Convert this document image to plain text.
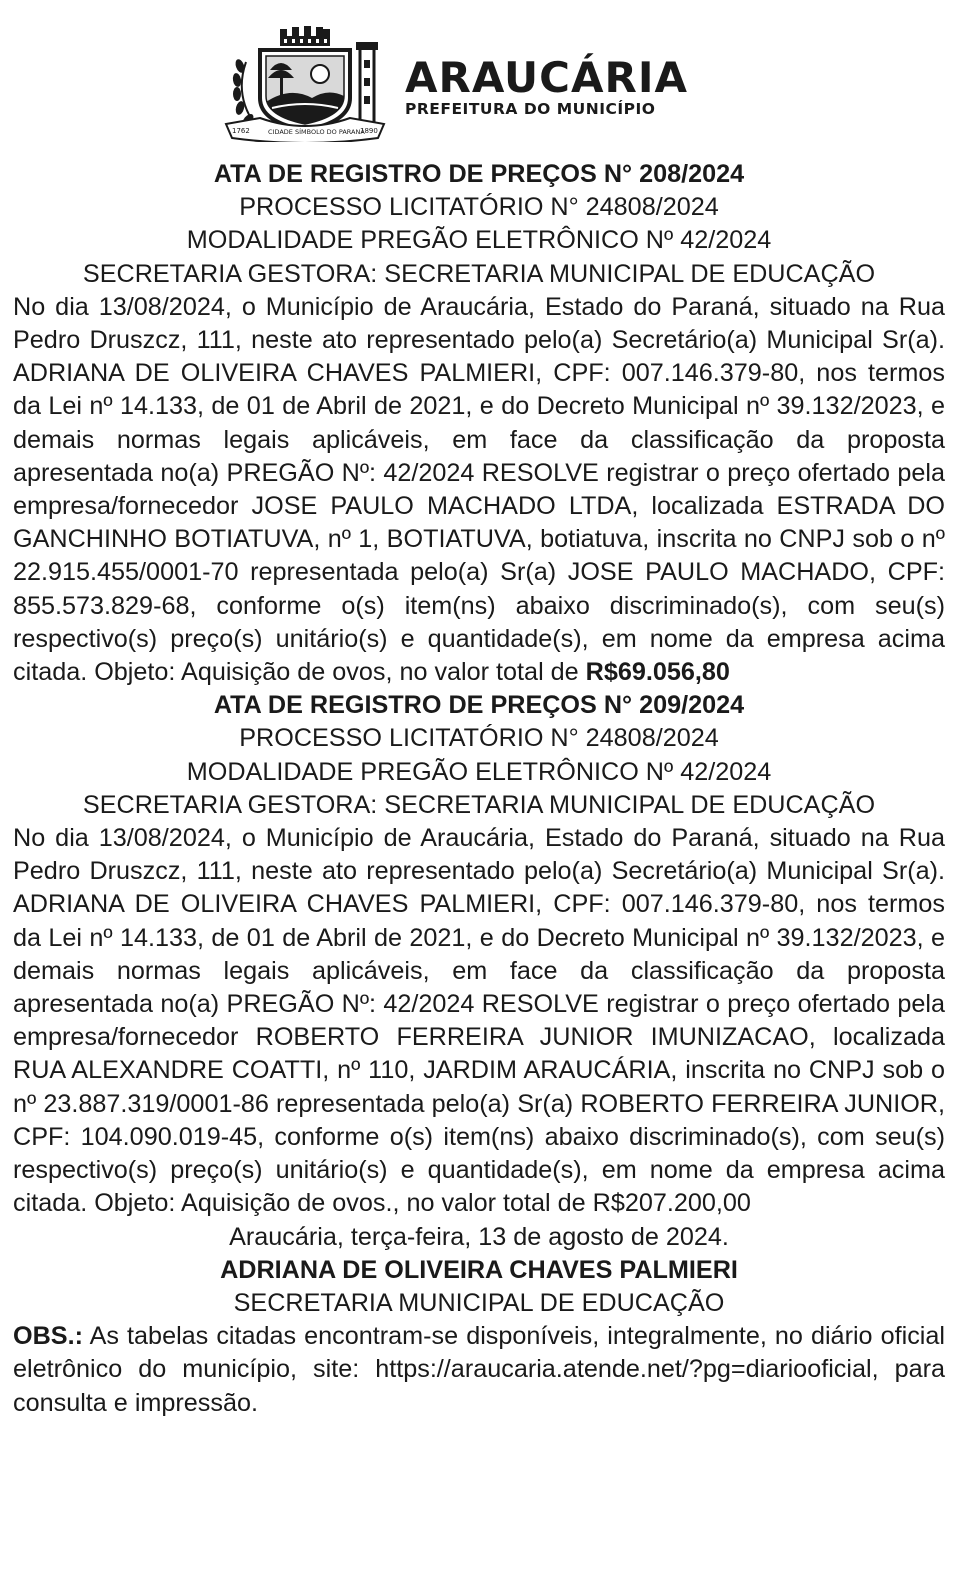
1762	CIDADE SÍMBOLO DO PARANÁ
1890
ARAUCÁRIA
PREFEITURA DO MUNICÍPIO
ATA DE REGISTRO DE PREÇOS N° 208/2024
PROCESSO LICITATÓRIO N° 24808/2024
MODALIDADE PREGÃO ELETRÔNICO Nº 42/2024
SECRETARIA GESTORA: SECRETARIA MUNICIPAL DE EDUCAÇÃO
No dia 13/08/2024, o Município de Araucária, Estado do Paraná, situado na Rua Pedro Druszcz, 111, neste ato representado pelo(a) Secretário(a) Municipal Sr(a). ADRIANA DE OLIVEIRA CHAVES PALMIERI, CPF: 007.146.379-80, nos termos da Lei nº 14.133, de 01 de Abril de 2021, e do Decreto Municipal nº 39.132/2023, e demais normas legais aplicáveis, em face da classificação da proposta apresentada no(a) PREGÃO Nº: 42/2024 RESOLVE registrar o preço ofertado pela empresa/fornecedor JOSE PAULO MACHADO LTDA, localizada ESTRADA DO GANCHINHO BOTIATUVA, nº 1, BOTIATUVA, botiatuva, inscrita no CNPJ sob o nº 22.915.455/0001-70 representada pelo(a) Sr(a) JOSE PAULO MACHADO, CPF: 855.573.829-68, conforme o(s) item(ns) abaixo discriminado(s), com seu(s) respectivo(s) preço(s) unitário(s) e quantidade(s), em nome da empresa acima citada. Objeto: Aquisição de ovos, no valor total de R$69.056,80
ATA DE REGISTRO DE PREÇOS N° 209/2024
PROCESSO LICITATÓRIO N° 24808/2024
MODALIDADE PREGÃO ELETRÔNICO Nº 42/2024
SECRETARIA GESTORA: SECRETARIA MUNICIPAL DE EDUCAÇÃO
No dia 13/08/2024, o Município de Araucária, Estado do Paraná, situado na Rua Pedro Druszcz, 111, neste ato representado pelo(a) Secretário(a) Municipal Sr(a). ADRIANA DE OLIVEIRA CHAVES PALMIERI, CPF: 007.146.379-80, nos termos da Lei nº 14.133, de 01 de Abril de 2021, e do Decreto Municipal nº 39.132/2023, e demais normas legais aplicáveis, em face da classificação da proposta apresentada no(a) PREGÃO Nº: 42/2024 RESOLVE registrar o preço ofertado pela empresa/fornecedor ROBERTO FERREIRA JUNIOR IMUNIZACAO, localizada RUA ALEXANDRE COATTI, nº 110, JARDIM ARAUCÁRIA, inscrita no CNPJ sob o nº 23.887.319/0001-86 representada pelo(a) Sr(a) ROBERTO FERREIRA JUNIOR, CPF: 104.090.019-45, conforme o(s) item(ns) abaixo discriminado(s), com seu(s) respectivo(s) preço(s) unitário(s) e quantidade(s), em nome da empresa acima citada. Objeto: Aquisição de ovos., no valor total de R$207.200,00
Araucária, terça-feira, 13 de agosto de 2024.
ADRIANA DE OLIVEIRA CHAVES PALMIERI
SECRETARIA MUNICIPAL DE EDUCAÇÃO
OBS.: As tabelas citadas encontram-se disponíveis, integralmente, no diário oficial eletrônico do município, site: https://araucaria.atende.net/?pg=diariooficial, para consulta e impressão.
